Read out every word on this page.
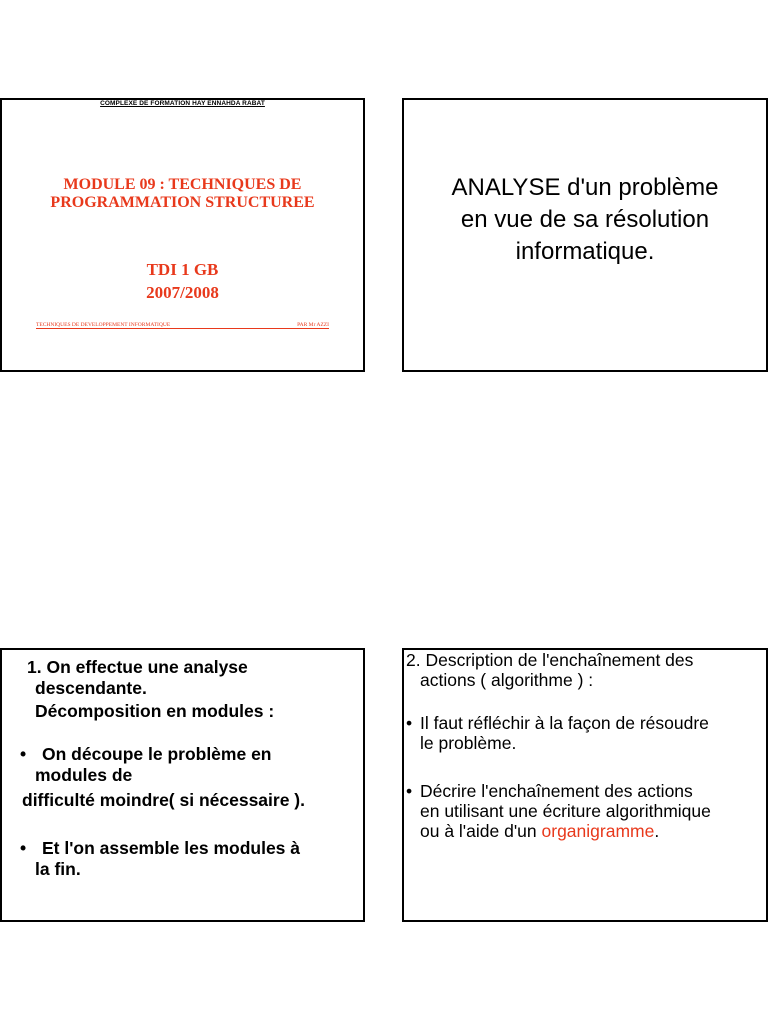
COMPLEXE DE FORMATION HAY ENNAHDA RABAT
MODULE 09 : TECHNIQUES DE
PROGRAMMATION STRUCTUREE
TDI 1 GB
2007/2008
TECHNIQUES DE DEVELOPPEMENT INFORMATIQUE	PAR Mr AZZI
ANALYSE d'un problème
en vue de sa résolution
informatique.
1. On effectue une analyse
descendante.
Décomposition en modules :
• On découpe le problème en
modules de
difficulté moindre( si nécessaire ).
• Et l'on assemble les modules à
la fin.
2. Description de l'enchaînement des
actions ( algorithme ) :
• Il faut réfléchir à la façon de résoudre
le problème.
• Décrire l'enchaînement des actions
en utilisant une écriture algorithmique
ou à l'aide d'un organigramme.
